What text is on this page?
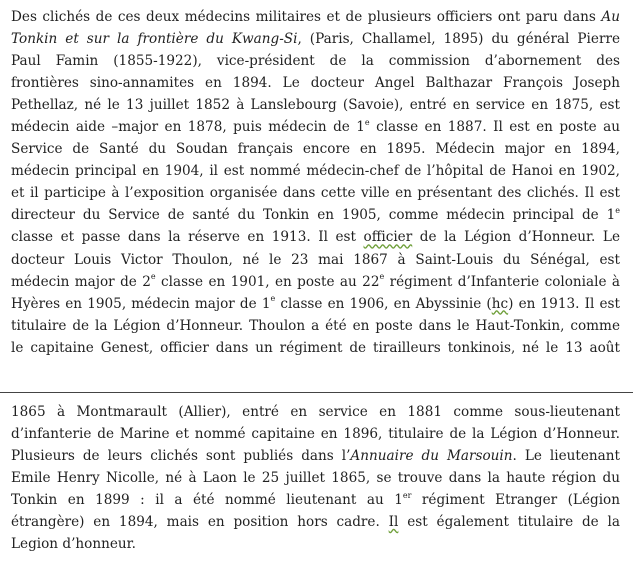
Des clichés de ces deux médecins militaires et de plusieurs officiers ont paru dans Au
Tonkin et sur la frontière du Kwang-Si, (Paris, Challamel, 1895) du général Pierre
Paul Famin (1855-1922), vice-président de la commission d’abornement des
frontières sino-annamites en 1894. Le docteur Angel Balthazar François Joseph
Pethellaz, né le 13 juillet 1852 à Lanslebourg (Savoie), entré en service en 1875, est
médecin aide –major en 1878, puis médecin de 1e classe en 1887. Il est en poste au
Service de Santé du Soudan français encore en 1895. Médecin major en 1894,
médecin principal en 1904, il est nommé médecin-chef de l’hôpital de Hanoi en 1902,
et il participe à l’exposition organisée dans cette ville en présentant des clichés. Il est
directeur du Service de santé du Tonkin en 1905, comme médecin principal de 1e
classe et passe dans la réserve en 1913. Il est officier de la Légion d’Honneur. Le
docteur Louis Victor Thoulon, né le 23 mai 1867 à Saint-Louis du Sénégal, est
médecin major de 2e classe en 1901, en poste au 22e régiment d’Infanterie coloniale à
Hyères en 1905, médecin major de 1e classe en 1906, en Abyssinie (hc) en 1913. Il est
titulaire de la Légion d’Honneur. Thoulon a été en poste dans le Haut-Tonkin, comme
le capitaine Genest, officier dans un régiment de tirailleurs tonkinois, né le 13 août
1865 à Montmarault (Allier), entré en service en 1881 comme sous-lieutenant
d’infanterie de Marine et nommé capitaine en 1896, titulaire de la Légion d’Honneur.
Plusieurs de leurs clichés sont publiés dans l’Annuaire du Marsouin. Le lieutenant
Emile Henry Nicolle, né à Laon le 25 juillet 1865, se trouve dans la haute région du
Tonkin en 1899 : il a été nommé lieutenant au 1er régiment Etranger (Légion
étrangère) en 1894, mais en position hors cadre. Il est également titulaire de la
Legion d’honneur.
